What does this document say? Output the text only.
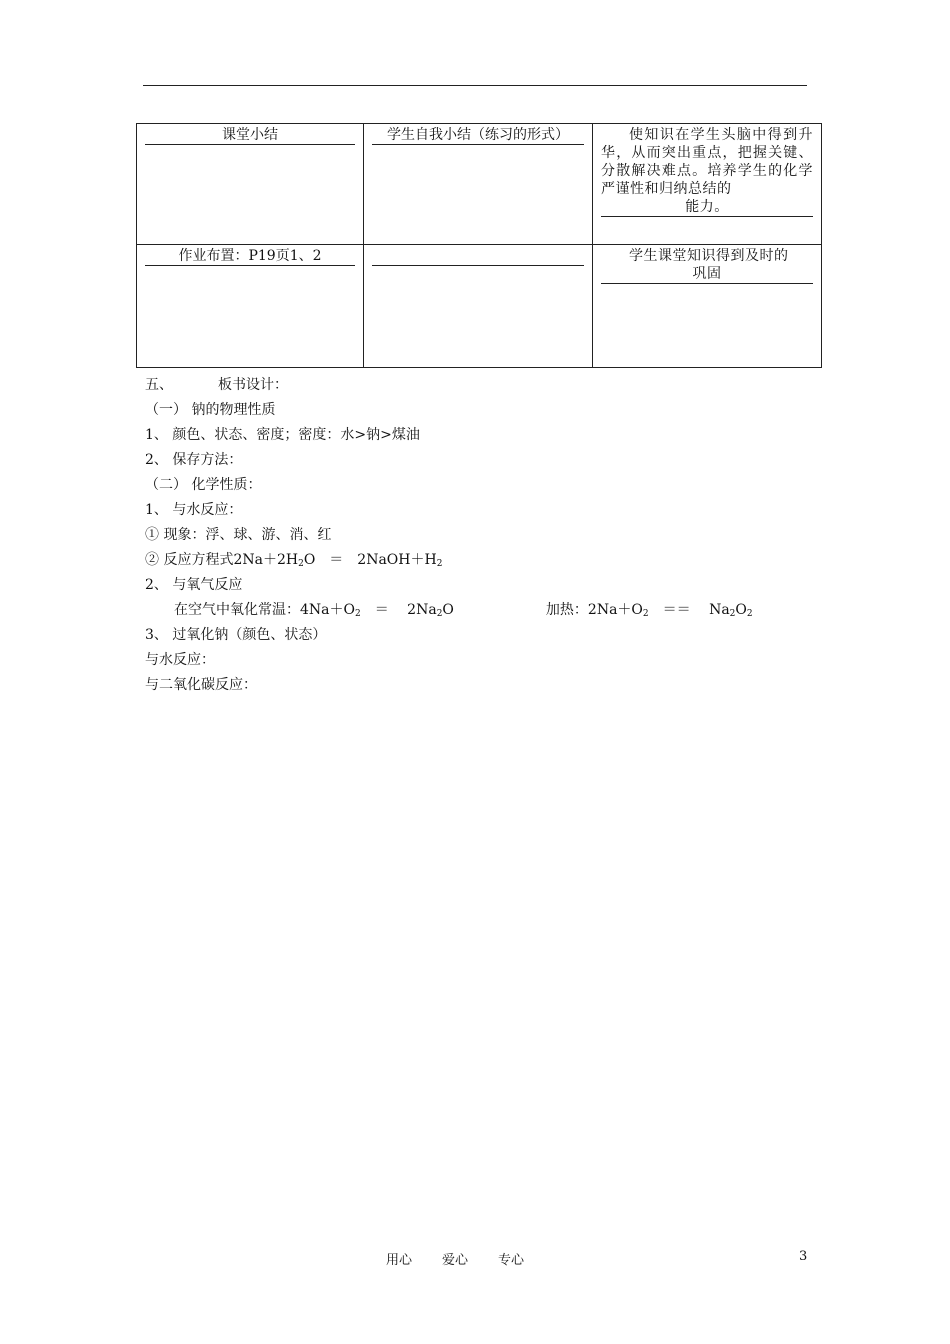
课堂小结	学生自我小结（练习的形式）	使知识在学生头脑中得到升华，从而突出重点，把握关键、分散解决难点。培养学生的化学严谨性和归纳总结的
能力。

作业布置：P19页1、2		学生课堂知识得到及时的
巩固
五、	板书设计：
（一） 钠的物理性质
1、 颜色、状态、密度；密度：水>钠>煤油
2、 保存方法：
（二） 化学性质：
1、 与水反应：
① 现象：浮、球、游、消、红
② 反应方程式$2Na+2H_2O$　＝　$2NaOH+H_2$
2、 与氧气反应
在空气中氧化常温：$4Na+O_2$　＝　 $2Na_2O$	加热：$2Na+O_2$　＝＝　 $Na_2O_2$
3、 过氧化钠（颜色、状态）
与水反应：
与二氧化碳反应：
用心 爱心 专心	3
